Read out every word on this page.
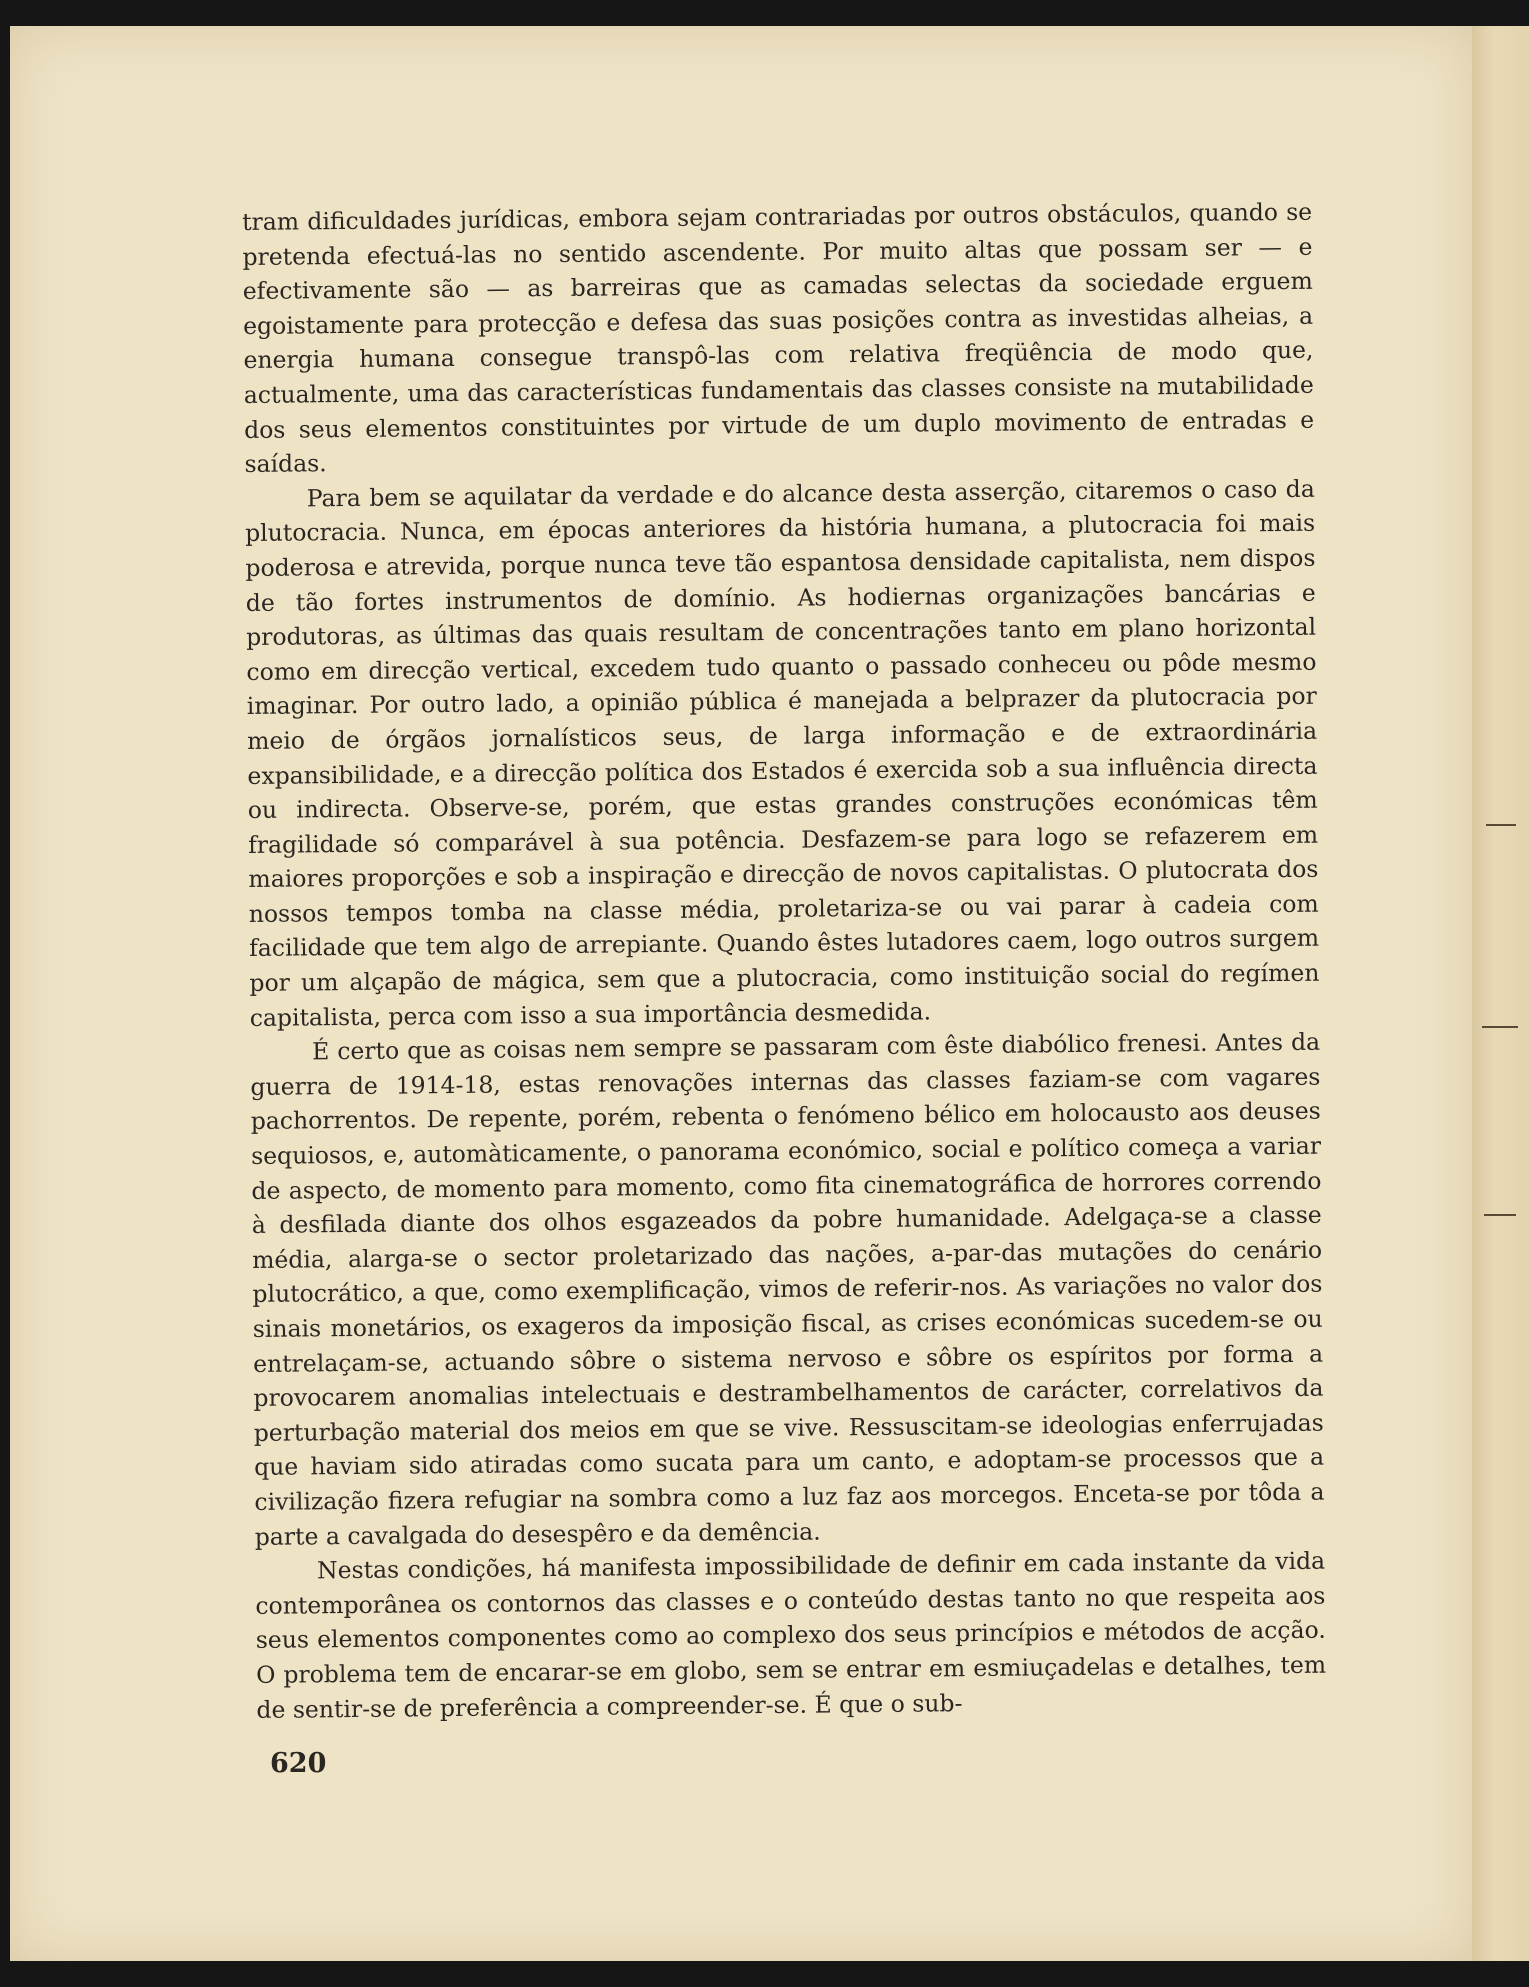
tram dificuldades jurídicas, embora sejam contrariadas por outros obstáculos, quando se pretenda efectuá-las no sentido ascendente. Por muito altas que possam ser — e efectivamente são — as barreiras que as camadas selectas da sociedade erguem egoistamente para protecção e defesa das suas posições contra as investidas alheias, a energia humana consegue transpô-las com relativa freqüência de modo que, actualmente, uma das características fundamentais das classes consiste na mutabilidade dos seus elementos constituintes por virtude de um duplo movimento de entradas e saídas.

Para bem se aquilatar da verdade e do alcance desta asserção, citaremos o caso da plutocracia. Nunca, em épocas anteriores da história humana, a plutocracia foi mais poderosa e atrevida, porque nunca teve tão espantosa densidade capitalista, nem dispos de tão fortes instrumentos de domínio. As hodiernas organizações bancárias e produtoras, as últimas das quais resultam de concentrações tanto em plano horizontal como em direcção vertical, excedem tudo quanto o passado conheceu ou pôde mesmo imaginar. Por outro lado, a opinião pública é manejada a belprazer da plutocracia por meio de órgãos jornalísticos seus, de larga informação e de extraordinária expansibilidade, e a direcção política dos Estados é exercida sob a sua influência directa ou indirecta. Observe-se, porém, que estas grandes construções económicas têm fragilidade só comparável à sua potência. Desfazem-se para logo se refazerem em maiores proporções e sob a inspiração e direcção de novos capitalistas. O plutocrata dos nossos tempos tomba na classe média, proletariza-se ou vai parar à cadeia com facilidade que tem algo de arrepiante. Quando êstes lutadores caem, logo outros surgem por um alçapão de mágica, sem que a plutocracia, como instituição social do regímen capitalista, perca com isso a sua importância desmedida.

É certo que as coisas nem sempre se passaram com êste diabólico frenesi. Antes da guerra de 1914-18, estas renovações internas das classes faziam-se com vagares pachorrentos. De repente, porém, rebenta o fenómeno bélico em holocausto aos deuses sequiosos, e, automàticamente, o panorama económico, social e político começa a variar de aspecto, de momento para momento, como fita cinematográfica de horrores correndo à desfilada diante dos olhos esgazeados da pobre humanidade. Adelgaça-se a classe média, alarga-se o sector proletarizado das nações, a-par-das mutações do cenário plutocrático, a que, como exemplificação, vimos de referir-nos. As variações no valor dos sinais monetários, os exageros da imposição fiscal, as crises económicas sucedem-se ou entrelaçam-se, actuando sôbre o sistema nervoso e sôbre os espíritos por forma a provocarem anomalias intelectuais e destrambelhamentos de carácter, correlativos da perturbação material dos meios em que se vive. Ressuscitam-se ideologias enferrujadas que haviam sido atiradas como sucata para um canto, e adoptam-se processos que a civilização fizera refugiar na sombra como a luz faz aos morcegos. Enceta-se por tôda a parte a cavalgada do desespêro e da demência.

Nestas condições, há manifesta impossibilidade de definir em cada instante da vida contemporânea os contornos das classes e o conteúdo destas tanto no que respeita aos seus elementos componentes como ao complexo dos seus princípios e métodos de acção. O problema tem de encarar-se em globo, sem se entrar em esmiuçadelas e detalhes, tem de sentir-se de preferência a compreender-se. É que o sub-

620
